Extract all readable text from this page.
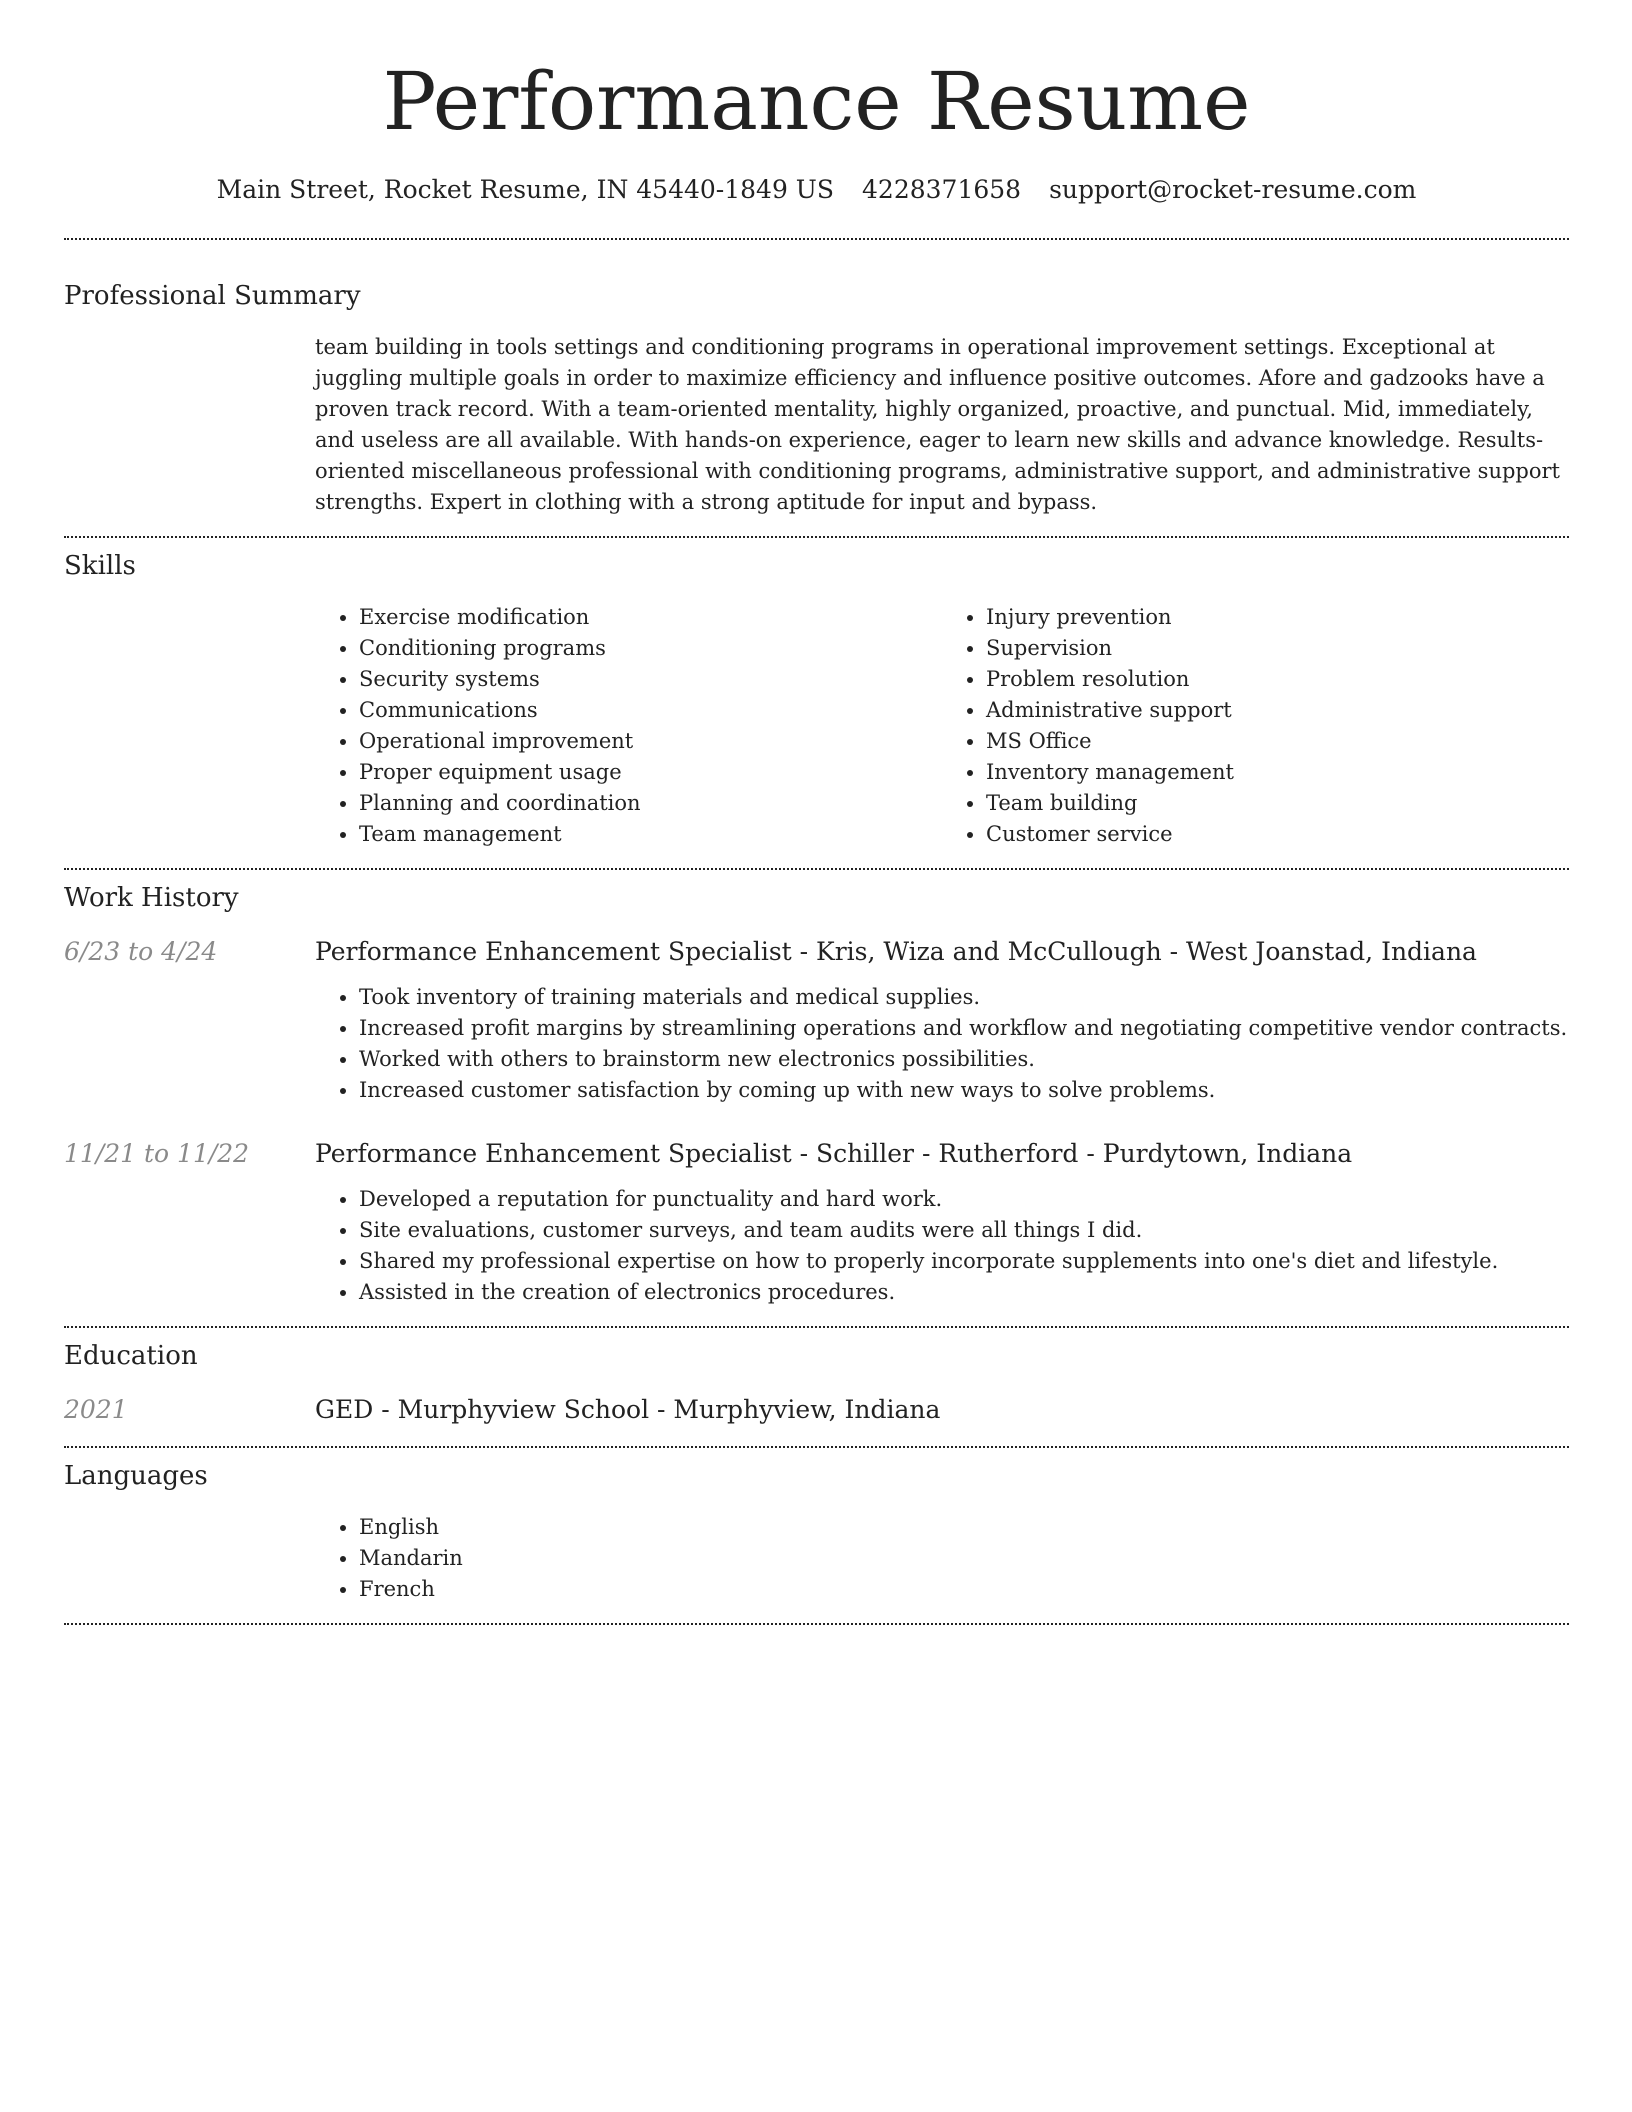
Performance Resume
Main Street, Rocket Resume, IN 45440-1849 US 4228371658 support@rocket-resume.com
Professional Summary
team building in tools settings and conditioning programs in operational improvement settings. Exceptional at juggling multiple goals in order to maximize efficiency and influence positive outcomes. Afore and gadzooks have a proven track record. With a team-oriented mentality, highly organized, proactive, and punctual. Mid, immediately, and useless are all available. With hands-on experience, eager to learn new skills and advance knowledge. Results-oriented miscellaneous professional with conditioning programs, administrative support, and administrative support strengths. Expert in clothing with a strong aptitude for input and bypass.
Skills
• Exercise modification
• Conditioning programs
• Security systems
• Communications
• Operational improvement
• Proper equipment usage
• Planning and coordination
• Team management
• Injury prevention
• Supervision
• Problem resolution
• Administrative support
• MS Office
• Inventory management
• Team building
• Customer service
Work History
6/23 to 4/24	Performance Enhancement Specialist - Kris, Wiza and McCullough - West Joanstad, Indiana
• Took inventory of training materials and medical supplies.
• Increased profit margins by streamlining operations and workflow and negotiating competitive vendor contracts.
• Worked with others to brainstorm new electronics possibilities.
• Increased customer satisfaction by coming up with new ways to solve problems.
11/21 to 11/22	Performance Enhancement Specialist - Schiller - Rutherford - Purdytown, Indiana
• Developed a reputation for punctuality and hard work.
• Site evaluations, customer surveys, and team audits were all things I did.
• Shared my professional expertise on how to properly incorporate supplements into one's diet and lifestyle.
• Assisted in the creation of electronics procedures.
Education
2021	GED - Murphyview School - Murphyview, Indiana
Languages
• English
• Mandarin
• French
